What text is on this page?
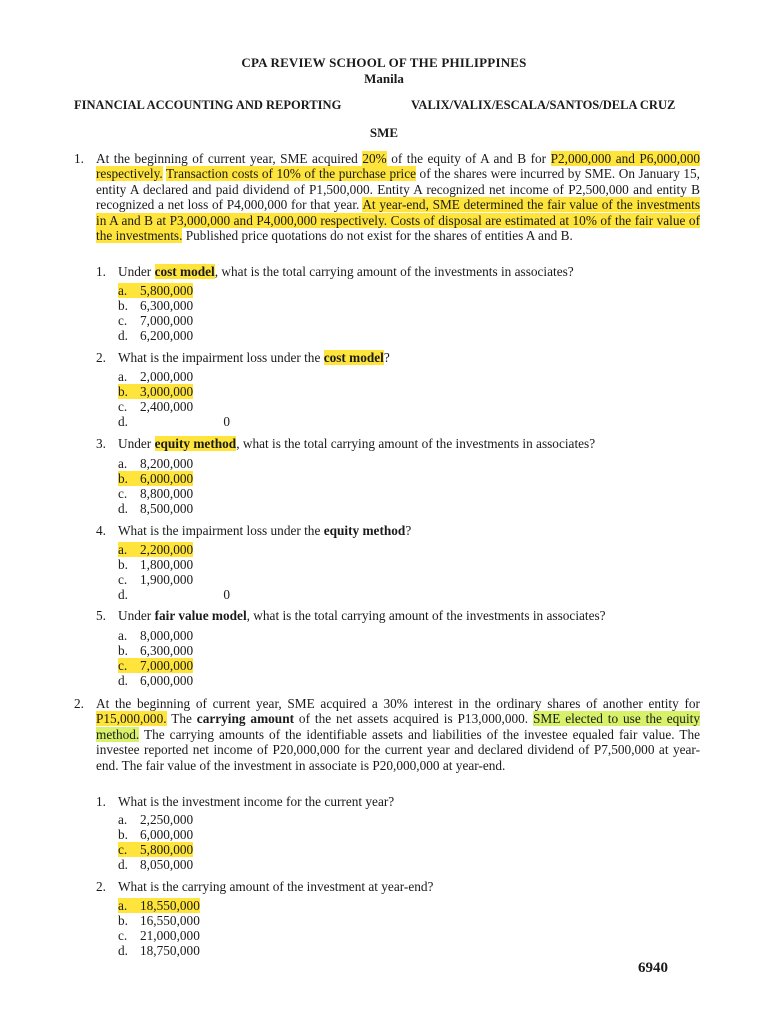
CPA REVIEW SCHOOL OF THE PHILIPPINES
Manila
FINANCIAL ACCOUNTING AND REPORTING	VALIX/VALIX/ESCALA/SANTOS/DELA CRUZ
SME
1. At the beginning of current year, SME acquired 20% of the equity of A and B for P2,000,000 and P6,000,000 respectively. Transaction costs of 10% of the purchase price of the shares were incurred by SME. On January 15, entity A declared and paid dividend of P1,500,000. Entity A recognized net income of P2,500,000 and entity B recognized a net loss of P4,000,000 for that year. At year-end, SME determined the fair value of the investments in A and B at P3,000,000 and P4,000,000 respectively. Costs of disposal are estimated at 10% of the fair value of the investments. Published price quotations do not exist for the shares of entities A and B.
1. Under cost model, what is the total carrying amount of the investments in associates?
a. 5,800,000
b. 6,300,000
c. 7,000,000
d. 6,200,000
2. What is the impairment loss under the cost model?
a. 2,000,000
b. 3,000,000
c. 2,400,000
d.	0
3. Under equity method, what is the total carrying amount of the investments in associates?
a. 8,200,000
b. 6,000,000
c. 8,800,000
d. 8,500,000
4. What is the impairment loss under the equity method?
a. 2,200,000
b. 1,800,000
c. 1,900,000
d.	0
5. Under fair value model, what is the total carrying amount of the investments in associates?
a. 8,000,000
b. 6,300,000
c. 7,000,000
d. 6,000,000
2. At the beginning of current year, SME acquired a 30% interest in the ordinary shares of another entity for P15,000,000. The carrying amount of the net assets acquired is P13,000,000. SME elected to use the equity method. The carrying amounts of the identifiable assets and liabilities of the investee equaled fair value. The investee reported net income of P20,000,000 for the current year and declared dividend of P7,500,000 at year-end. The fair value of the investment in associate is P20,000,000 at year-end.
1. What is the investment income for the current year?
a. 2,250,000
b. 6,000,000
c. 5,800,000
d. 8,050,000
2. What is the carrying amount of the investment at year-end?
a. 18,550,000
b. 16,550,000
c. 21,000,000
d. 18,750,000
6940
